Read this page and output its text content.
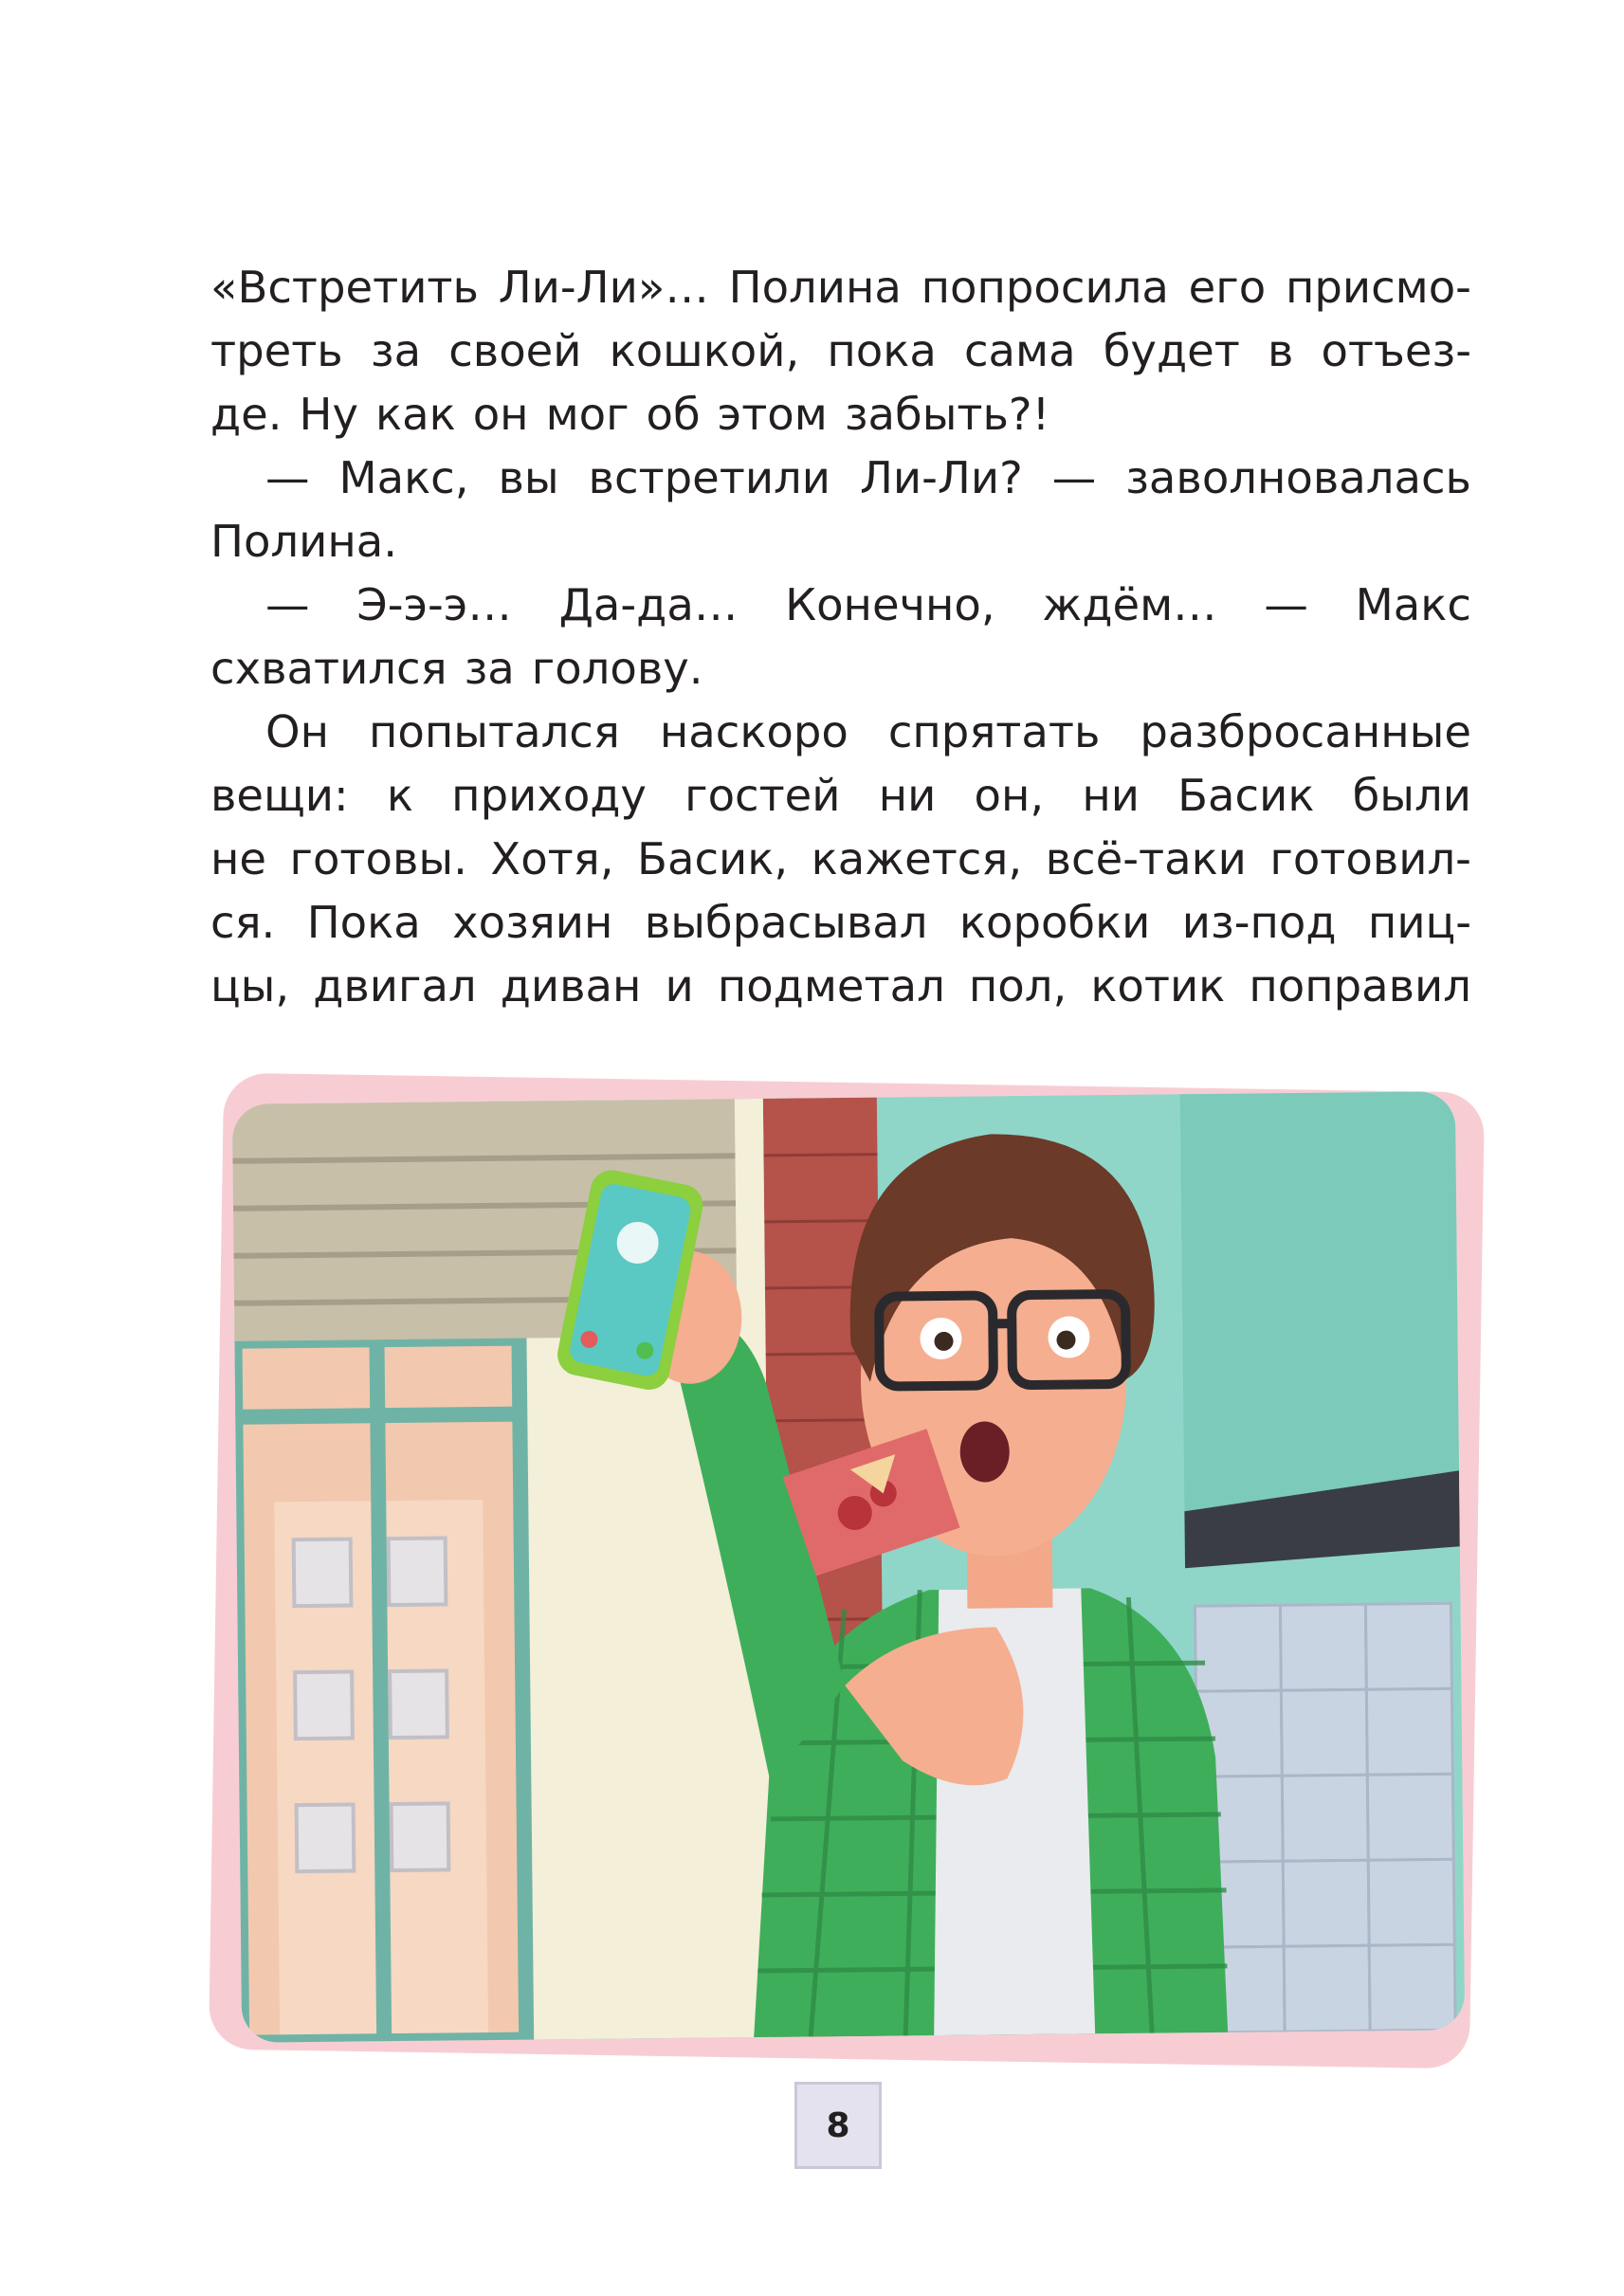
«Встретить Ли-Ли»… Полина попросила его присмо-
треть за своей кошкой, пока сама будет в отъез-
де. Ну как он мог об этом забыть?!
— Макс, вы встретили Ли-Ли? — заволновалась
Полина.
— Э-э-э… Да-да… Конечно, ждём… — Макс
схватился за голову.
Он попытался наскоро спрятать разбросанные
вещи: к приходу гостей ни он, ни Басик были
не готовы. Хотя, Басик, кажется, всё-таки готовил-
ся. Пока хозяин выбрасывал коробки из-под пиц-
цы, двигал диван и подметал пол, котик поправил
8
